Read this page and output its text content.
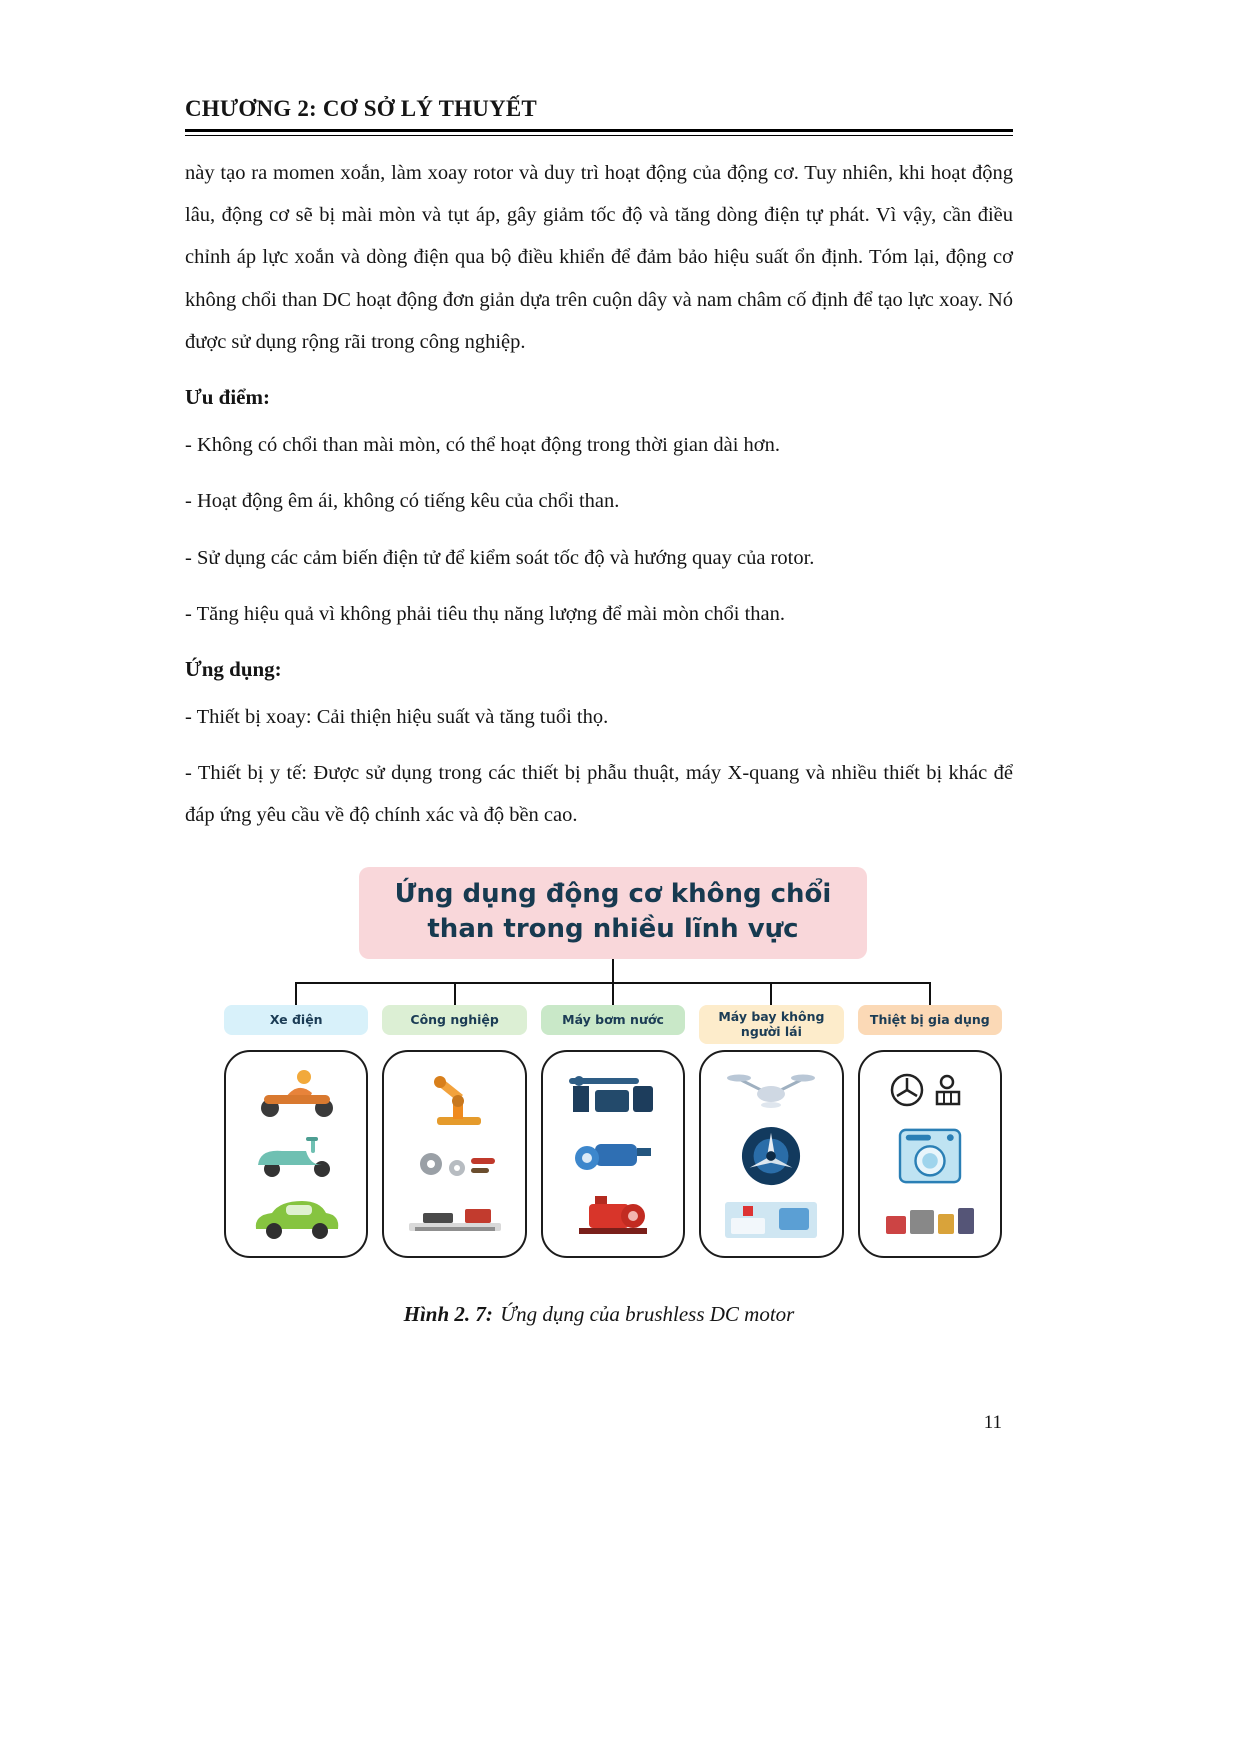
CHƯƠNG 2: CƠ SỞ LÝ THUYẾT

này tạo ra momen xoắn, làm xoay rotor và duy trì hoạt động của động cơ. Tuy nhiên, khi hoạt động lâu, động cơ sẽ bị mài mòn và tụt áp, gây giảm tốc độ và tăng dòng điện tự phát. Vì vậy, cần điều chỉnh áp lực xoắn và dòng điện qua bộ điều khiển để đảm bảo hiệu suất ổn định. Tóm lại, động cơ không chổi than DC hoạt động đơn giản dựa trên cuộn dây và nam châm cố định để tạo lực xoay. Nó được sử dụng rộng rãi trong công nghiệp.

Ưu điểm:

- Không có chổi than mài mòn, có thể hoạt động trong thời gian dài hơn.

- Hoạt động êm ái, không có tiếng kêu của chổi than.

- Sử dụng các cảm biến điện tử để kiểm soát tốc độ và hướng quay của rotor.

- Tăng hiệu quả vì không phải tiêu thụ năng lượng để mài mòn chổi than.

Ứng dụng:

- Thiết bị xoay: Cải thiện hiệu suất và tăng tuổi thọ.

- Thiết bị y tế: Được sử dụng trong các thiết bị phẫu thuật, máy X-quang và nhiều thiết bị khác để đáp ứng yêu cầu về độ chính xác và độ bền cao.

Ứng dụng động cơ không chổi
than trong nhiều lĩnh vực
Xe điện	Công nghiệp	Máy bơm nước	Máy bay không người lái
Thiệt bị gia dụng

Hình 2. 7: Ứng dụng của brushless DC motor

11
